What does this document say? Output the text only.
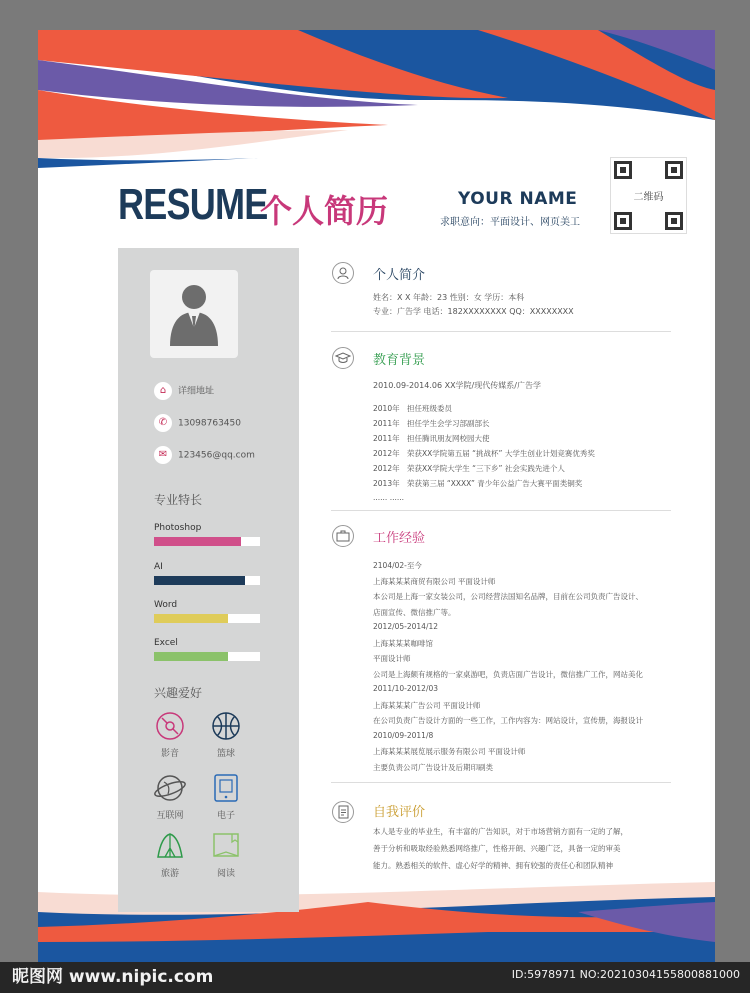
RESUME
个人简历	YOUR NAME
求职意向：平面设计、网页美工
二维码
⌂ 详细地址
✆ 13098763450
✉ 123456@qq.com
专业特长
Photoshop
AI
Word
Excel
兴趣爱好
影音	篮球
互联网	电子
旅游	阅读
个人简介
姓名：X X 年龄：23 性别：女 学历：本科
专业：广告学 电话：182XXXXXXXX QQ：XXXXXXXX
教育背景
2010.09-2014.06 XX学院/现代传媒系/广告学
2010年 担任班级委员
2011年 担任学生会学习部副部长
2011年 担任腾讯朋友网校园大使
2012年 荣获XX学院第五届 “挑战杯” 大学生创业计划竞赛优秀奖
2012年 荣获XX学院大学生 “三下乡” 社会实践先进个人
2013年 荣获第三届 “XXXX” 青少年公益广告大赛平面类铜奖
...... ......
工作经验
2104/02-至今
上海某某某商贸有限公司 平面设计师
本公司是上海一家女装公司，公司经营法国知名品牌，目前在公司负责广告设计、
店面宣传、微信推广等。
2012/05-2014/12
上海某某某咖啡馆
平面设计师
公司是上海颇有规格的一家桌游吧，负责店面广告设计，微信推广工作，网站美化
2011/10-2012/03
上海某某某广告公司 平面设计师
在公司负责广告设计方面的一些工作，工作内容为：网站设计，宣传册，海报设计
2010/09-2011/8
上海某某某展览展示服务有限公司 平面设计师
主要负责公司广告设计及后期印刷类
自我评价
本人是专业的毕业生，有丰富的广告知识，对于市场营销方面有一定的了解，
善于分析和吸取经验熟悉网络推广，性格开朗、兴趣广泛，具备一定的审美
能力。熟悉相关的软件、虚心好学的精神、拥有较强的责任心和团队精神
昵图网 www.nipic.com	ID:5978971 NO:20210304155800881000
